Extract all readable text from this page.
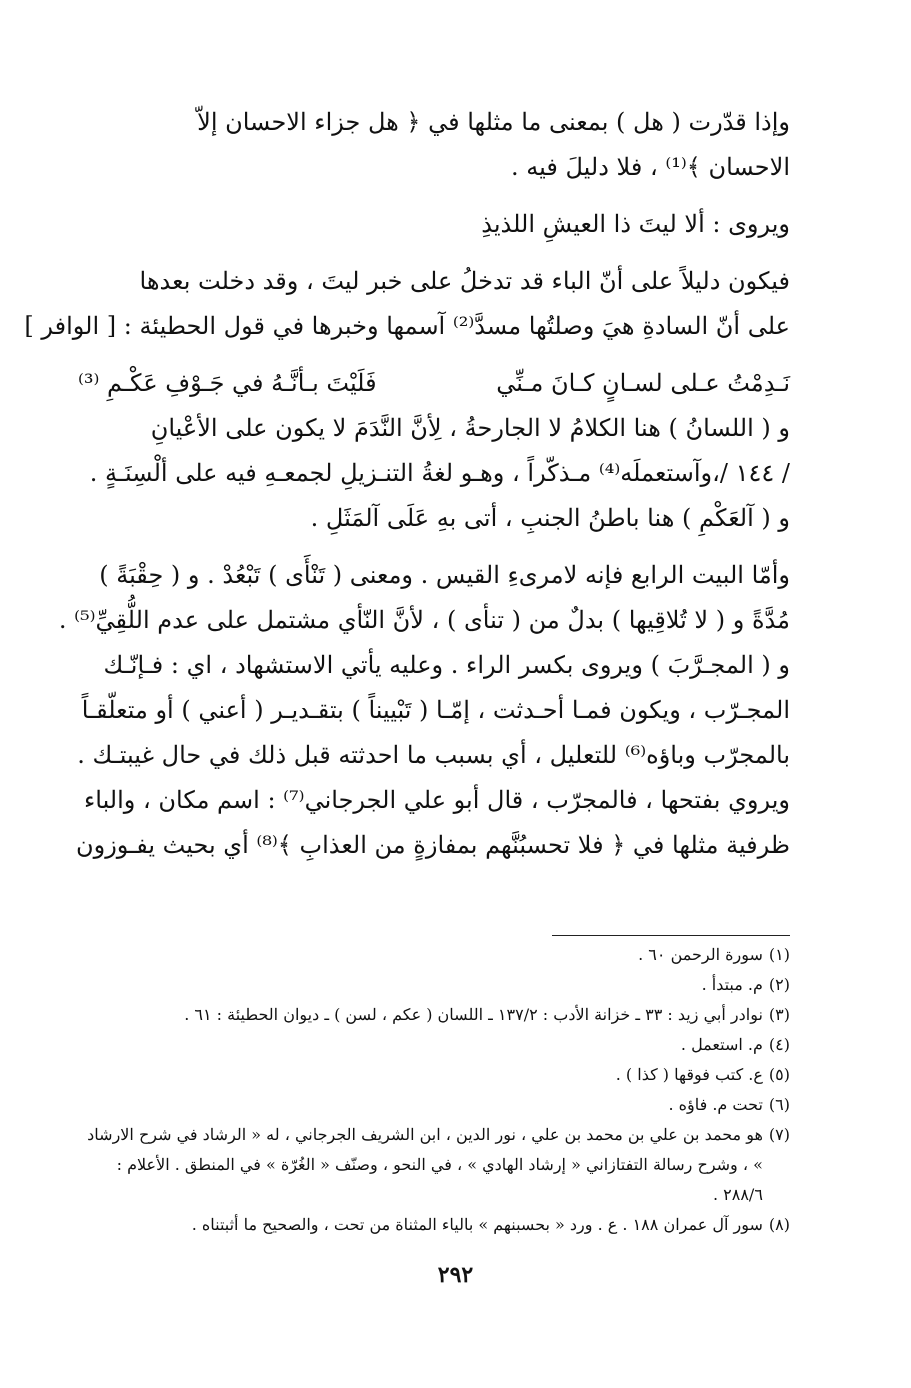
وإذا قدّرت ( هل ) بمعنى ما مثلها في ﴿ هل جزاء الاحسان إلاّ
الاحسان ﴾⁽¹⁾ ، فلا دليلَ فيه .

ويروى : ألا ليتَ ذا العيشِ اللذيذِ

فيكون دليلاً على أنّ الباء قد تدخلُ على خبر ليتَ ، وقد دخلت بعدها
على أنّ السادةِ هيَ وصلتُها مسدَّ⁽²⁾ آسمها وخبرها في قول الحطيئة : [ الوافر ]

نَـدِمْتُ عـلى لسـانٍ كـانَ مـنِّي
فَلَيْتَ بـأنَّـهُ في جَـوْفِ عَكْـمِ ⁽³⁾

و ( اللسانُ ) هنا الكلامُ لا الجارحةُ ، لِأنَّ النَّدَمَ لا يكون على الأعْيانِ
/ ١٤٤ /،وآستعملَه⁽⁴⁾ مـذكّراً ، وهـو لغةُ التنـزيلِ لجمعـهِ فيه على ألْسِنَـةٍ .
و ( آلعَكْمِ ) هنا باطنُ الجنبِ ، أتى بهِ عَلَى آلمَثَلِ .

وأمّا البيت الرابع فإنه لامرىءِ القيس . ومعنى ( تَنْأَى ) تَبْعُدْ . و ( حِقْبَةً )
مُدَّةً و ( لا تُلاقِيها ) بدلٌ من ( تنأى ) ، لأنَّ النّأي مشتمل على عدم اللُّقِيِّ⁽⁵⁾ .
و ( المجـرَّبَ ) ويروى بكسر الراء . وعليه يأتي الاستشهاد ، اي : فـإنّـك
المجـرّب ، ويكون فمـا أحـدثت ، إمّـا ( تَبْييناً ) بتقـديـر ( أعني ) أو متعلّقـاً
بالمجرّب وباؤه⁽⁶⁾ للتعليل ، أي بسبب ما احدثته قبل ذلك في حال غيبتـك .
ويروي بفتحها ، فالمجرّب ، قال أبو علي الجرجاني⁽⁷⁾ : اسم مكان ، والباء
ظرفية مثلها في ﴿ فلا تحسبُنَّهم بمفازةٍ من العذابِ ﴾⁽⁸⁾ أي بحيث يفـوزون

(١)
سورة الرحمن ٦٠ .
(٢)
م. مبتدأ .
(٣)
نوادر أبي زيد : ٣٣ ـ خزانة الأدب : ١٣٧/٢ ـ اللسان ( عكم ، لسن ) ـ ديوان الحطيئة : ٦١ .
(٤)
م. استعمل .
(٥)
ع. كتب فوقها ( كذا ) .
(٦)
تحت م. فاؤه .
(٧)
هو محمد بن علي بن محمد بن علي ، نور الدين ، ابن الشريف الجرجاني ، له « الرشاد في شرح الارشاد » ، وشرح رسالة التفتازاني « إرشاد الهادي » ، في النحو ، وصنّف « الغُرّة » في المنطق . الأعلام : ٢٨٨/٦ .
(٨)
سور آل عمران ١٨٨ . ع . ورد « بحسبنهم » بالياء المثناة من تحت ، والصحيح ما أثبتناه .
٢٩٢
